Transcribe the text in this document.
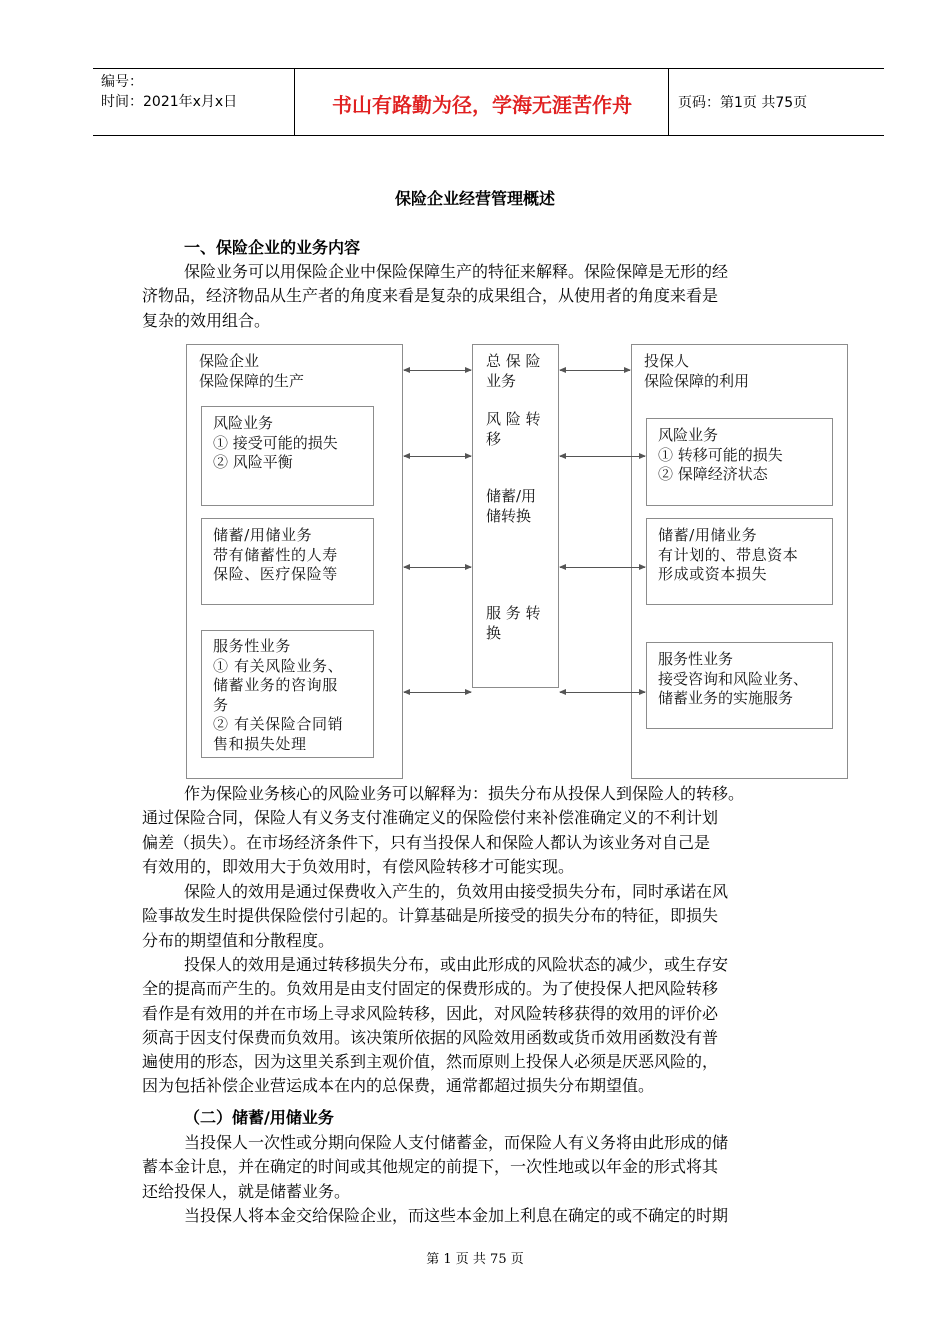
编号：
时间：2021年x月x日	书山有路勤为径，学海无涯苦作舟	页码：第1页 共75页
保险企业经营管理概述
一、保险企业的业务内容
保险业务可以用保险企业中保险保障生产的特征来解释。保险保障是无形的经
济物品，经济物品从生产者的角度来看是复杂的成果组合，从使用者的角度来看是
复杂的效用组合。
保险企业
保险保障的生产
风险业务
① 接受可能的损失
② 风险平衡
储蓄/用储业务
带有储蓄性的人寿
保险、医疗保险等
服务性业务
① 有关风险业务、
储蓄业务的咨询服
务
② 有关保险合同销
售和损失处理
总 保 险
业务
风 险 转
移
储蓄/用
储转换
服 务 转
换
投保人
保险保障的利用
风险业务
① 转移可能的损失
② 保障经济状态
储蓄/用储业务
有计划的、带息资本
形成或资本损失
服务性业务
接受咨询和风险业务、
储蓄业务的实施服务
作为保险业务核心的风险业务可以解释为：损失分布从投保人到保险人的转移。
通过保险合同，保险人有义务支付准确定义的保险偿付来补偿准确定义的不利计划
偏差（损失）。在市场经济条件下，只有当投保人和保险人都认为该业务对自己是
有效用的，即效用大于负效用时，有偿风险转移才可能实现。
保险人的效用是通过保费收入产生的，负效用由接受损失分布，同时承诺在风
险事故发生时提供保险偿付引起的。计算基础是所接受的损失分布的特征，即损失
分布的期望值和分散程度。
投保人的效用是通过转移损失分布，或由此形成的风险状态的减少，或生存安
全的提高而产生的。负效用是由支付固定的保费形成的。为了使投保人把风险转移
看作是有效用的并在市场上寻求风险转移，因此，对风险转移获得的效用的评价必
须高于因支付保费而负效用。该决策所依据的风险效用函数或货币效用函数没有普
遍使用的形态，因为这里关系到主观价值，然而原则上投保人必须是厌恶风险的，
因为包括补偿企业营运成本在内的总保费，通常都超过损失分布期望值。
（二）储蓄/用储业务
当投保人一次性或分期向保险人支付储蓄金，而保险人有义务将由此形成的储
蓄本金计息，并在确定的时间或其他规定的前提下，一次性地或以年金的形式将其
还给投保人，就是储蓄业务。
当投保人将本金交给保险企业，而这些本金加上利息在确定的或不确定的时期
第 1 页 共 75 页
